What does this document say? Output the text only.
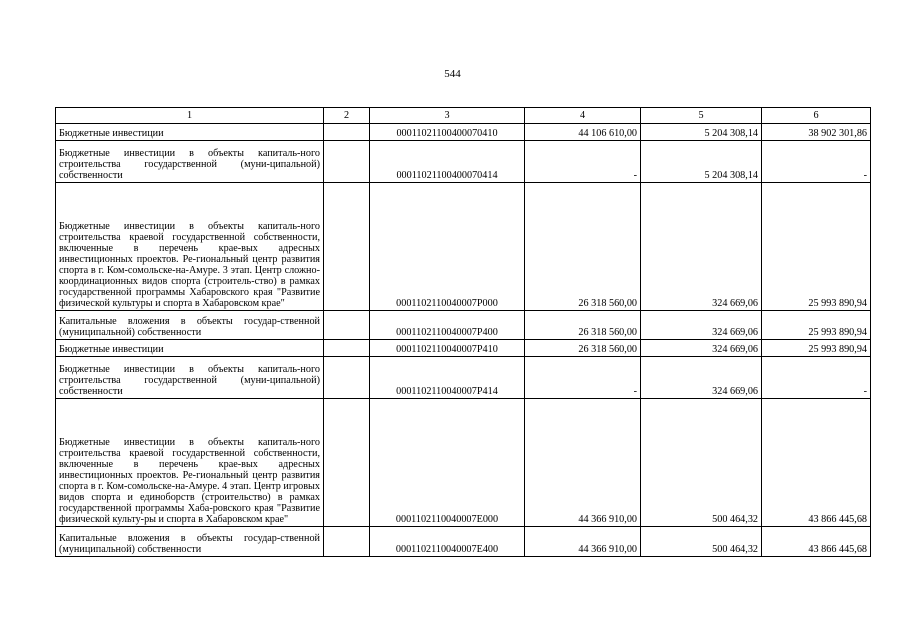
544
1	2	3	4	5	6
Бюджетные инвестиции		00011021100400070410	44 106 610,00	5 204 308,14	38 902 301,86
Бюджетные инвестиции в объекты капиталь-ного строительства государственной (муни-ципальной) собственности		00011021100400070414	-	5 204 308,14	-
Бюджетные инвестиции в объекты капиталь-ного строительства краевой государственной собственности, включенные в перечень крае-вых адресных инвестиционных проектов. Ре-гиональный центр развития спорта в г. Ком-сомольске-на-Амуре. 3 этап. Центр сложно-координационных видов спорта (строитель-ство) в рамках государственной программы Хабаровского края "Развитие физической культуры и спорта в Хабаровском крае"		0001102110040007Р000	26 318 560,00	324 669,06	25 993 890,94
Капитальные вложения в объекты государ-ственной (муниципальной) собственности		0001102110040007Р400	26 318 560,00	324 669,06	25 993 890,94
Бюджетные инвестиции		0001102110040007Р410	26 318 560,00	324 669,06	25 993 890,94
Бюджетные инвестиции в объекты капиталь-ного строительства государственной (муни-ципальной) собственности		0001102110040007Р414	-	324 669,06	-
Бюджетные инвестиции в объекты капиталь-ного строительства краевой государственной собственности, включенные в перечень крае-вых адресных инвестиционных проектов. Ре-гиональный центр развития спорта в г. Ком-сомольске-на-Амуре. 4 этап. Центр игровых видов спорта и единоборств (строительство) в рамках государственной программы Хаба-ровского края "Развитие физической культу-ры и спорта в Хабаровском крае"		0001102110040007Е000	44 366 910,00	500 464,32	43 866 445,68
Капитальные вложения в объекты государ-ственной (муниципальной) собственности		0001102110040007Е400	44 366 910,00	500 464,32	43 866 445,68
